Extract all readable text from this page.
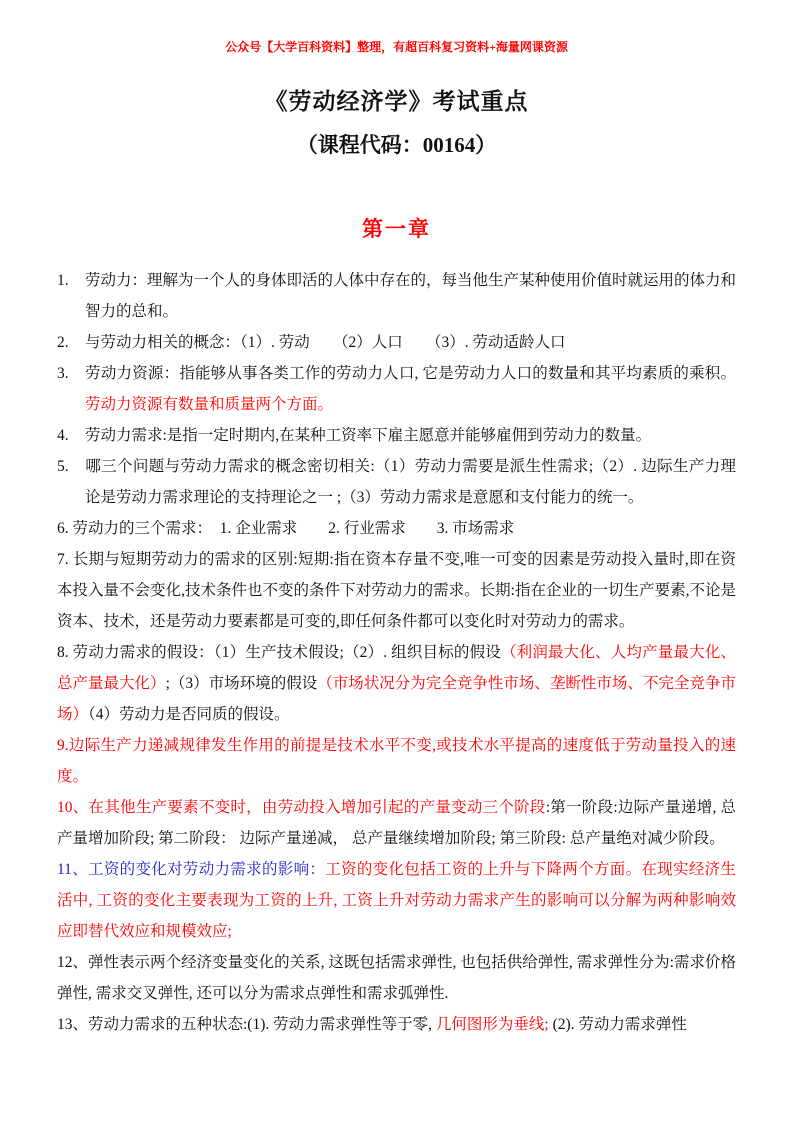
公众号【大学百科资料】整理，有超百科复习资料+海量网课资源
《劳动经济学》考试重点
（课程代码：00164）
第一章
1. 劳动力：理解为一个人的身体即活的人体中存在的，每当他生产某种使用价值时就运用的体力和智力的总和。
2. 与劳动力相关的概念：（1）. 劳动　　（2）人口　　（3）. 劳动适龄人口
3. 劳动力资源：指能够从事各类工作的劳动力人口, 它是劳动力人口的数量和其平均素质的乘积。劳动力资源有数量和质量两个方面。
4. 劳动力需求:是指一定时期内,在某种工资率下雇主愿意并能够雇佣到劳动力的数量。
5. 哪三个问题与劳动力需求的概念密切相关:（1）劳动力需要是派生性需求;（2）. 边际生产力理论是劳动力需求理论的支持理论之一 ;（3）劳动力需求是意愿和支付能力的统一。
6. 劳动力的三个需求：　1. 企业需求　　2. 行业需求　　3. 市场需求
7. 长期与短期劳动力的需求的区别:短期:指在资本存量不变,唯一可变的因素是劳动投入量时,即在资本投入量不会变化,技术条件也不变的条件下对劳动力的需求。长期:指在企业的一切生产要素,不论是资本、技术，还是劳动力要素都是可变的,即任何条件都可以变化时对劳动力的需求。
8. 劳动力需求的假设：（1）生产技术假设;（2）. 组织目标的假设（利润最大化、人均产量最大化、总产量最大化）;（3）市场环境的假设（市场状况分为完全竞争性市场、垄断性市场、不完全竞争市场）（4）劳动力是否同质的假设。
9.边际生产力递减规律发生作用的前提是技术水平不变,或技术水平提高的速度低于劳动量投入的速度。
10、在其他生产要素不变时，由劳动投入增加引起的产量变动三个阶段:第一阶段:边际产量递增, 总产量增加阶段; 第二阶段： 边际产量递减， 总产量继续增加阶段; 第三阶段: 总产量绝对减少阶段。
11、工资的变化对劳动力需求的影响：工资的变化包括工资的上升与下降两个方面。在现实经济生活中, 工资的变化主要表现为工资的上升, 工资上升对劳动力需求产生的影响可以分解为两种影响效应即替代效应和规模效应;
12、弹性表示两个经济变量变化的关系, 这既包括需求弹性, 也包括供给弹性, 需求弹性分为:需求价格弹性, 需求交叉弹性, 还可以分为需求点弹性和需求弧弹性.
13、劳动力需求的五种状态:(1). 劳动力需求弹性等于零, 几何图形为垂线; (2). 劳动力需求弹性
